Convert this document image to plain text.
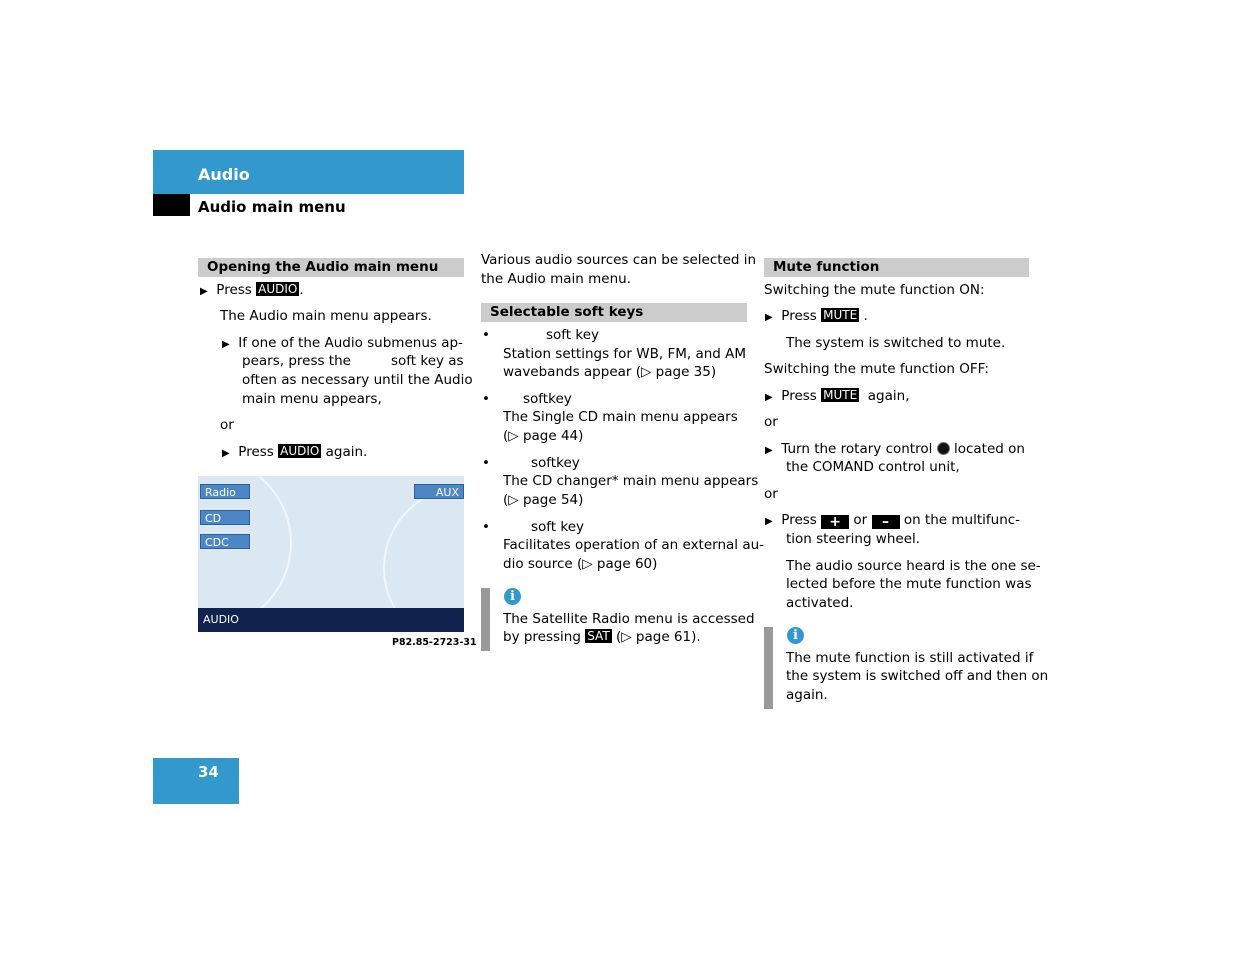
Audio
Audio main menu
Opening the Audio main menu
▶ Press AUDIO .
The Audio main menu appears.
▶ If one of the Audio submenus ap-
pears, press the	soft key as
often as necessary until the Audio
main menu appears,
or
▶ Press AUDIO again.
Radio
CD
CDC
AUX
AUDIO
P82.85-2723-31
Various audio sources can be selected in
the Audio main menu.
Selectable soft keys
•	soft key
Station settings for WB, FM, and AM
wavebands appear (▷ page 35)
• softkey
The Single CD main menu appears
(▷ page 44)
•	softkey
The CD changer* main menu appears
(▷ page 54)
•	soft key
Facilitates operation of an external au-
dio source (▷ page 60)
i
The Satellite Radio menu is accessed
by pressing SAT (▷ page 61).
Mute function
Switching the mute function ON:
▶ Press MUTE .
The system is switched to mute.
Switching the mute function OFF:
▶ Press MUTE again,
or
▶ Turn the rotary control located on
the COMAND control unit,
or
▶ Press + or – on the multifunc-
tion steering wheel.
The audio source heard is the one se-
lected before the mute function was
activated.
i
The mute function is still activated if
the system is switched off and then on
again.
34
